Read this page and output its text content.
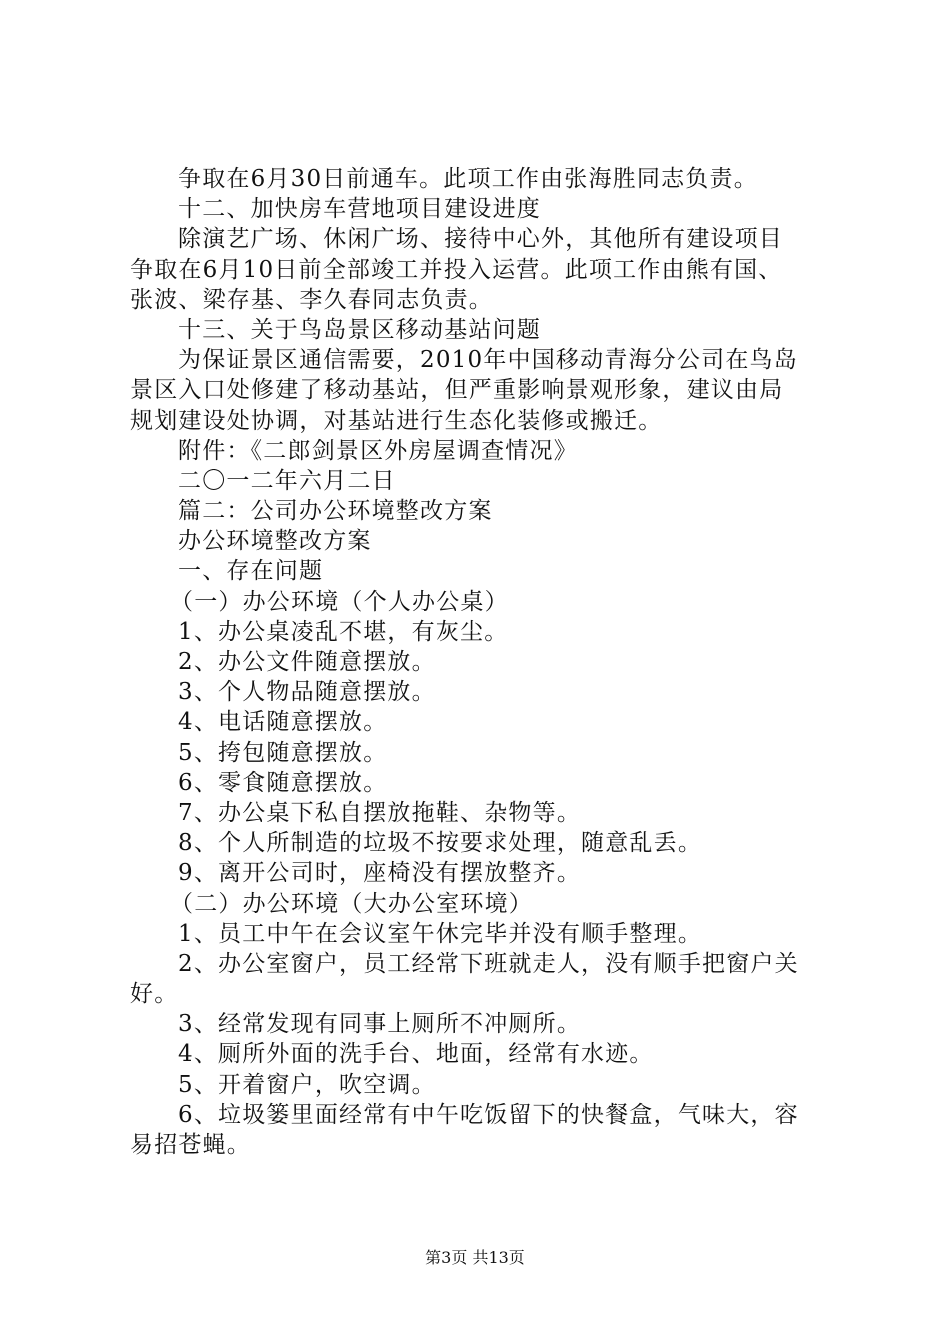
争取在6月30日前通车。此项工作由张海胜同志负责。
十二、加快房车营地项目建设进度
除演艺广场、休闲广场、接待中心外，其他所有建设项目
争取在6月10日前全部竣工并投入运营。此项工作由熊有国、
张波、梁存基、李久春同志负责。
十三、关于鸟岛景区移动基站问题
为保证景区通信需要，2010年中国移动青海分公司在鸟岛
景区入口处修建了移动基站，但严重影响景观形象，建议由局
规划建设处协调，对基站进行生态化装修或搬迁。
附件：《二郎剑景区外房屋调查情况》
二〇一二年六月二日
篇二：公司办公环境整改方案
办公环境整改方案
一、存在问题
（一）办公环境（个人办公桌）
1、办公桌凌乱不堪，有灰尘。
2、办公文件随意摆放。
3、个人物品随意摆放。
4、电话随意摆放。
5、挎包随意摆放。
6、零食随意摆放。
7、办公桌下私自摆放拖鞋、杂物等。
8、个人所制造的垃圾不按要求处理，随意乱丢。
9、离开公司时，座椅没有摆放整齐。
（二）办公环境（大办公室环境）
1、员工中午在会议室午休完毕并没有顺手整理。
2、办公室窗户，员工经常下班就走人，没有顺手把窗户关
好。
3、经常发现有同事上厕所不冲厕所。
4、厕所外面的洗手台、地面，经常有水迹。
5、开着窗户，吹空调。
6、垃圾篓里面经常有中午吃饭留下的快餐盒，气味大，容
易招苍蝇。
第3页 共13页
